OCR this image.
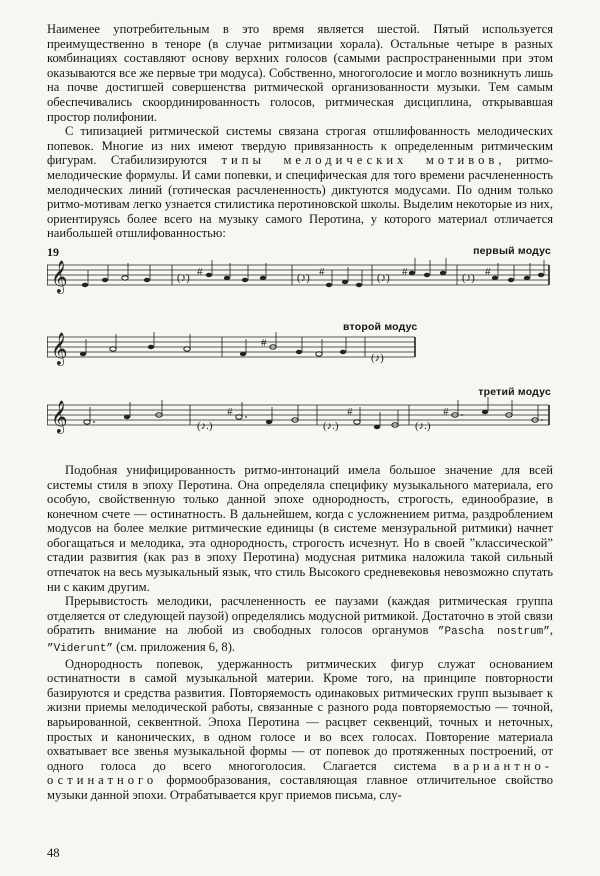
Наименее употребительным в это время является шестой. Пятый используется преимущественно в теноре (в случае ритмизации хорала). Остальные четыре в разных комбинациях составляют основу верхних голосов (самыми распространенными при этом оказываются все же первые три модуса). Собственно, многоголосие и могло возникнуть лишь на почве достигшей совершенства ритмической организованности музыки. Тем самым обеспечивались скоординированность голосов, ритмическая дисциплина, открывавшая простор полифонии.

С типизацией ритмической системы связана строгая отшлифованность мелодических попевок. Многие из них имеют твердую привязанность к определенным ритмическим фигурам. Стабилизируются типы мелодических мотивов, ритмо-мелодические формулы. И сами попевки, и специфическая для того времени расчлененность мелодических линий (готическая расчлененность) диктуются модусами. По одним только ритмо-мотивам легко узнается стилистика перотиновской школы. Выделим некоторые из них, ориентируясь более всего на музыку самого Перотина, у которого материал отличается наибольшей отшлифованностью:

19	первый модус
второй модус
третий модус
𝄞	(♪) #	(♪) #	(♪) #	(♪) #
𝄞	#
(♪)
𝄞	(♪.)
#
(♪.)
#
(♪.)
#

Подобная унифицированность ритмо-интонаций имела большое значение для всей системы стиля в эпоху Перотина. Она определяла специфику музыкального материала, его особую, свойственную только данной эпохе однородность, строгость, единообразие, в конечном счете — остинатность. В дальнейшем, когда с усложнением ритма, раздроблением модусов на более мелкие ритмические единицы (в системе мензуральной ритмики) начнет обогащаться и мелодика, эта однородность, строгость исчезнут. Но в своей ”классической” стадии развития (как раз в эпоху Перотина) модусная ритмика наложила такой сильный отпечаток на весь музыкальный язык, что стиль Высокого средневековья невозможно спутать ни с каким другим.

Прерывистость мелодики, расчлененность ее паузами (каждая ритмическая группа отделяется от следующей паузой) определялись модусной ритмикой. Достаточно в этой связи обратить внимание на любой из свободных голосов органумов ”Pascha nostrum”, ”Viderunt” (см. приложения 6, 8).

Однородность попевок, удержанность ритмических фигур служат основанием остинатности в самой музыкальной материи. Кроме того, на принципе повторности базируются и средства развития. Повторяемость одинаковых ритмических групп вызывает к жизни приемы мелодической работы, связанные с разного рода повторяемостью — точной, варьированной, секвентной. Эпоха Перотина — расцвет секвенций, точных и неточных, простых и канонических, в одном голосе и во всех голосах. Повторение материала охватывает все звенья музыкальной формы — от попевок до протяженных построений, от одного голоса до всего многоголосия. Слагается система вариантно-остинатного формообразования, составляющая главное отличительное свойство музыки данной эпохи. Отрабатывается круг приемов письма, слу-

48
